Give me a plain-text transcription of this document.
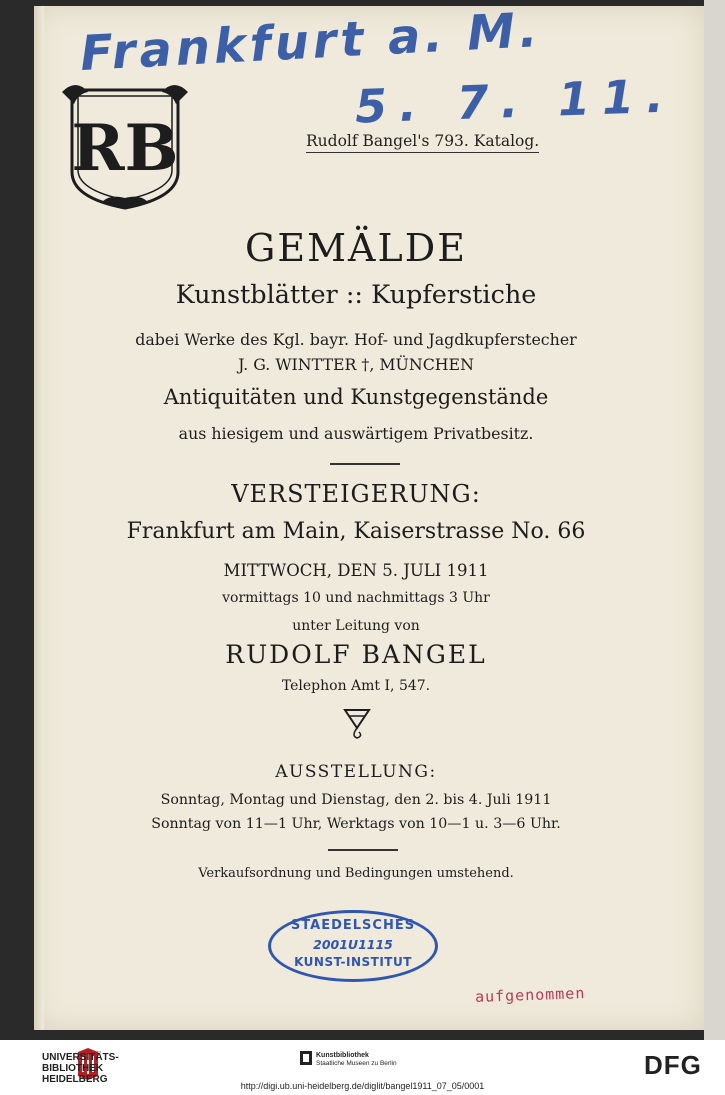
Frankfurt a. M.
5. 7. 11.
RB	Rudolf Bangel's 793. Katalog.
GEMÄLDE
Kunstblätter :: Kupferstiche
dabei Werke des Kgl. bayr. Hof- und Jagdkupferstecher
J. G. WINTTER †, MÜNCHEN
Antiquitäten und Kunstgegenstände
aus hiesigem und auswärtigem Privatbesitz.
VERSTEIGERUNG:
Frankfurt am Main, Kaiserstrasse No. 66
MITTWOCH, DEN 5. JULI 1911
vormittags 10 und nachmittags 3 Uhr
unter Leitung von
RUDOLF BANGEL
Telephon Amt I, 547.
AUSSTELLUNG:
Sonntag, Montag und Dienstag, den 2. bis 4. Juli 1911
Sonntag von 11—1 Uhr, Werktags von 10—1 u. 3—6 Uhr.
Verkaufsordnung und Bedingungen umstehend.
STAEDELSCHES
2001U1115
KUNST-INSTITUT
aufgenommen
UNIVERSITÄTS-
BIBLIOTHEK
HEIDELBERG
Kunstbibliothek
Staatliche Museen zu Berlin	DFG
http://digi.ub.uni-heidelberg.de/diglit/bangel1911_07_05/0001
